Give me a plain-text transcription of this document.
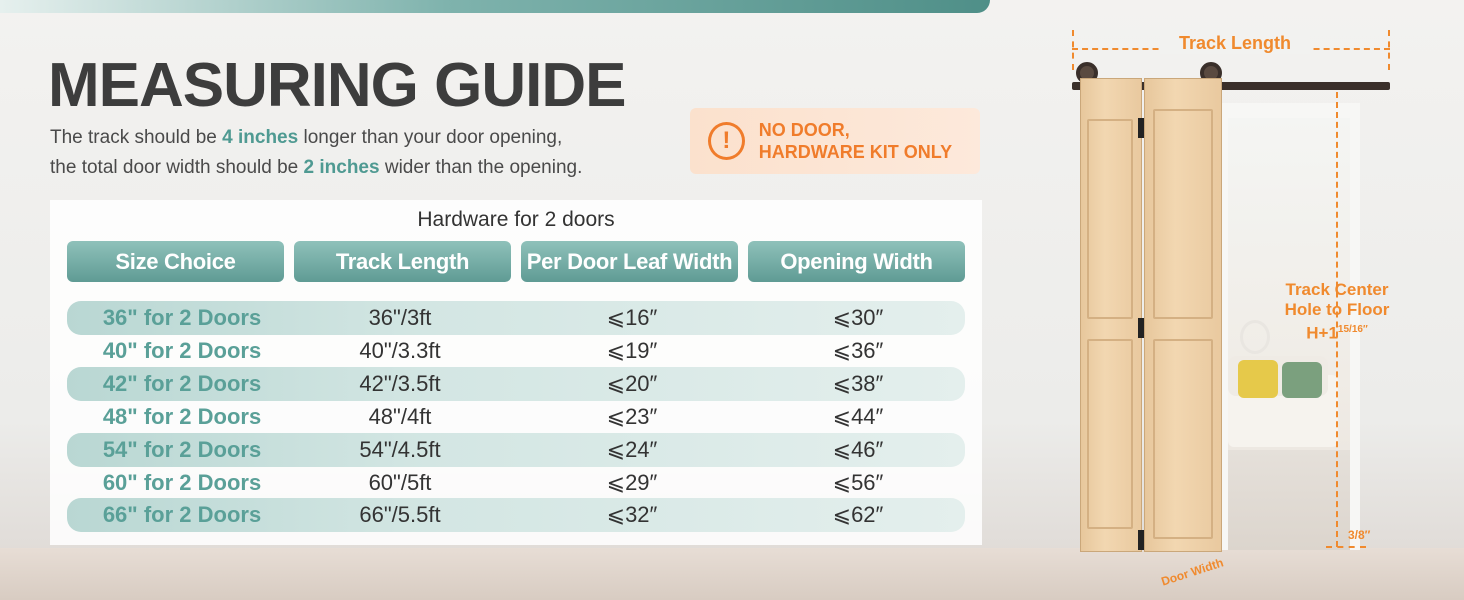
MEASURING GUIDE
The track should be 4 inches longer than your door opening,
the total door width should be 2 inches wider than the opening.
!	NO DOOR,
HARDWARE KIT ONLY
Hardware for 2 doors
Size Choice	Track Length	Per Door Leaf Width	Opening Width
36" for 2 Doors	36"/3ft	⩽16″	⩽30″
40" for 2 Doors	40"/3.3ft	⩽19″	⩽36″
42" for 2 Doors	42"/3.5ft	⩽20″	⩽38″
48" for 2 Doors	48"/4ft	⩽23″	⩽44″
54" for 2 Doors	54"/4.5ft	⩽24″	⩽46″
60" for 2 Doors	60"/5ft	⩽29″	⩽56″
66" for 2 Doors	66"/5.5ft	⩽32″	⩽62″
Track Length
Track Center
Hole to Floor
$H+1^{15/16''}$
3/8″
Door Width
